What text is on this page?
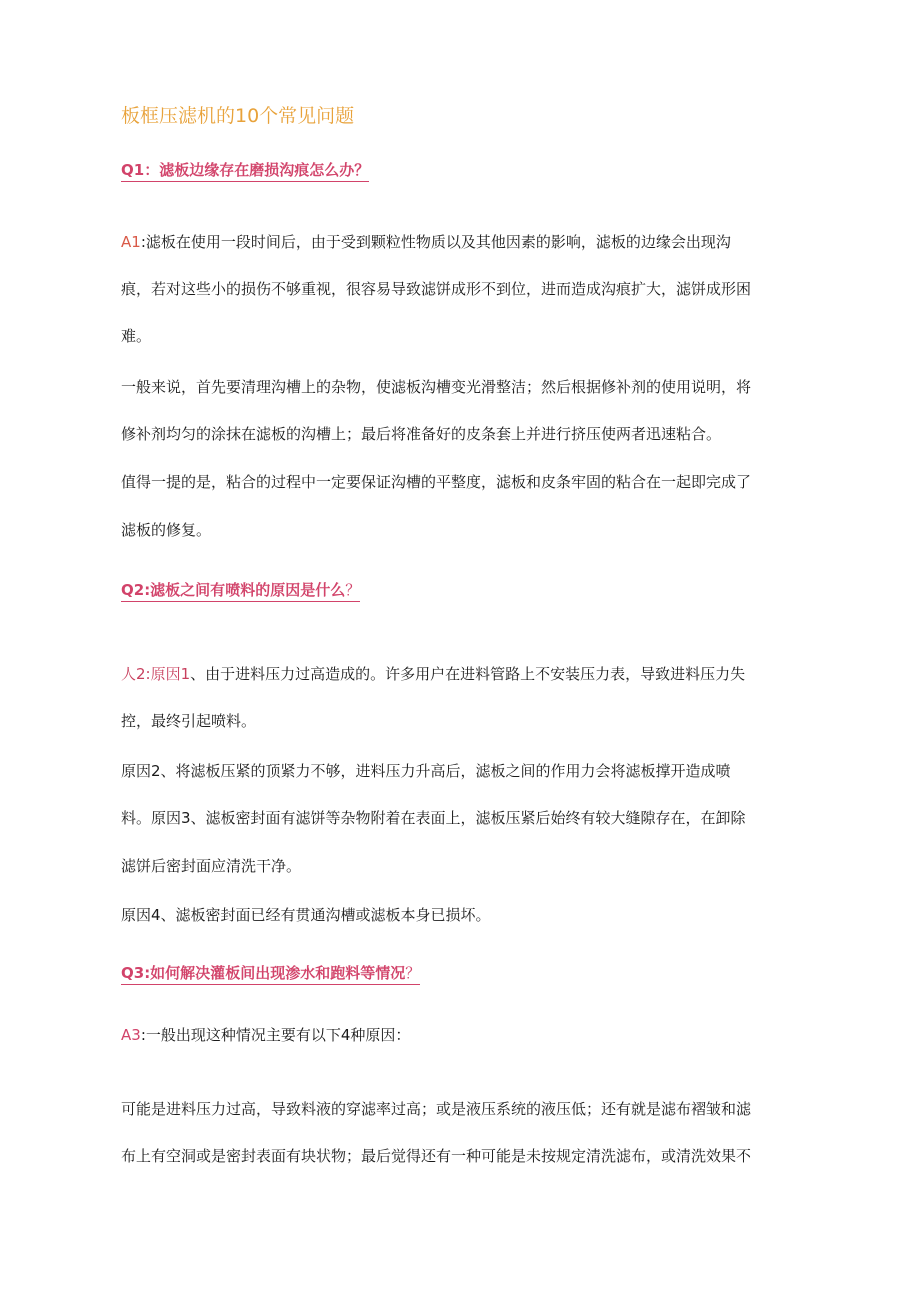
板框压滤机的10个常见问题
Q1：滤板边缘存在磨损沟痕怎么办？
A1:滤板在使用一段时间后，由于受到颗粒性物质以及其他因素的影响，滤板的边缘会出现沟
痕，若对这些小的损伤不够重视，很容易导致滤饼成形不到位，进而造成沟痕扩大，滤饼成形困
难。
一般来说，首先要清理沟槽上的杂物，使滤板沟槽变光滑整洁；然后根据修补剂的使用说明，将
修补剂均匀的涂抹在滤板的沟槽上；最后将准备好的皮条套上并进行挤压使两者迅速粘合。
值得一提的是，粘合的过程中一定要保证沟槽的平整度，滤板和皮条牢固的粘合在一起即完成了
滤板的修复。
Q2:滤板之间有喷料的原因是什么？
人2:原因1、由于进料压力过高造成的。许多用户在进料管路上不安装压力表，导致进料压力失
控，最终引起喷料。
原因2、将滤板压紧的顶紧力不够，进料压力升高后，滤板之间的作用力会将滤板撑开造成喷
料。原因3、滤板密封面有滤饼等杂物附着在表面上，滤板压紧后始终有较大缝隙存在，在卸除
滤饼后密封面应清洗干净。
原因4、滤板密封面已经有贯通沟槽或滤板本身已损坏。
Q3:如何解决灌板间出现渗水和跑料等情况？
A3:一般出现这种情况主要有以下4种原因：
可能是进料压力过高，导致料液的穿滤率过高；或是液压系统的液压低；还有就是滤布褶皱和滤
布上有空洞或是密封表面有块状物；最后觉得还有一种可能是未按规定清洗滤布，或清洗效果不
